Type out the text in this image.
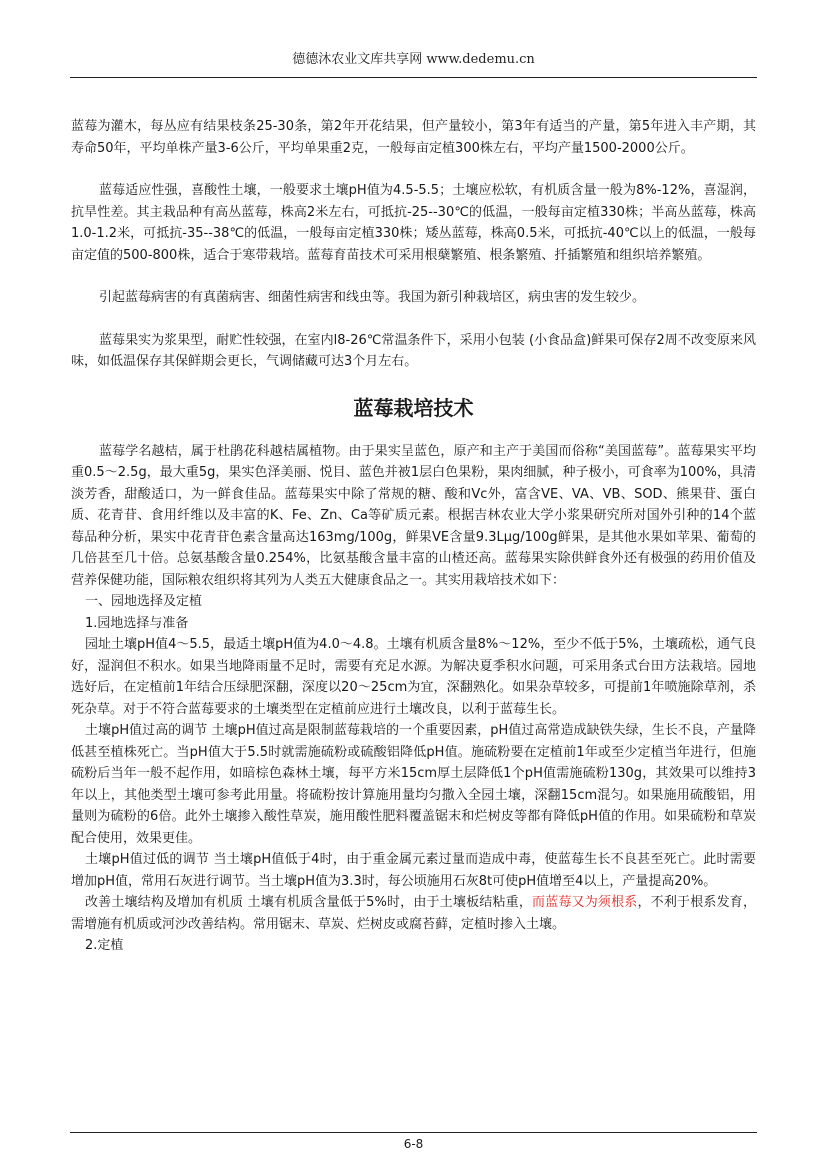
德德沐农业文库共享网 www.dedemu.cn

蓝莓为灌木，每丛应有结果枝条25-30条，第2年开花结果，但产量较小，第3年有适当的产量，第5年进入丰产期，其寿命50年，平均单株产量3-6公斤，平均单果重2克，一般每亩定植300株左右，平均产量1500-2000公斤。

蓝莓适应性强，喜酸性土壤，一般要求土壤pH值为4.5-5.5；土壤应松软，有机质含量一般为8%-12%，喜湿润，抗旱性差。其主栽品种有高丛蓝莓，株高2米左右，可抵抗-25--30℃的低温，一般每亩定植330株；半高丛蓝莓，株高1.0-1.2米，可抵抗-35--38℃的低温，一般每亩定植330株；矮丛蓝莓，株高0.5米，可抵抗-40℃以上的低温，一般每亩定值的500-800株，适合于寒带栽培。蓝莓育苗技术可采用根蘖繁殖、根条繁殖、扦插繁殖和组织培养繁殖。

引起蓝莓病害的有真菌病害、细菌性病害和线虫等。我国为新引种栽培区，病虫害的发生较少。

蓝莓果实为浆果型，耐贮性较强，在室内l8-26℃常温条件下，采用小包装 (小食品盒)鲜果可保存2周不改变原来风味，如低温保存其保鲜期会更长，气调储藏可达3个月左右。

蓝莓栽培技术

蓝莓学名越桔，属于杜鹃花科越桔属植物。由于果实呈蓝色，原产和主产于美国而俗称“美国蓝莓”。蓝莓果实平均重0.5～2.5g，最大重5g，果实色泽美丽、悦目、蓝色并被1层白色果粉，果肉细腻，种子极小，可食率为100%，具清淡芳香，甜酸适口，为一鲜食佳品。蓝莓果实中除了常规的糖、酸和Vc外，富含VE、VA、VB、SOD、熊果苷、蛋白质、花青苷、食用纤维以及丰富的K、Fe、Zn、Ca等矿质元素。根据吉林农业大学小浆果研究所对国外引种的14个蓝莓品种分析，果实中花青苷色素含量高达163mg/100g，鲜果VE含量9.3Lμg/100g鲜果，是其他水果如苹果、葡萄的几倍甚至几十倍。总氨基酸含量0.254%，比氨基酸含量丰富的山楂还高。蓝莓果实除供鲜食外还有极强的药用价值及营养保健功能，国际粮农组织将其列为人类五大健康食品之一。其实用栽培技术如下：

一、园地选择及定植

1.园地选择与准备

园址土壤pH值4～5.5，最适土壤pH值为4.0～4.8。土壤有机质含量8%～12%，至少不低于5%，土壤疏松，通气良好，湿润但不积水。如果当地降雨量不足时，需要有充足水源。为解决夏季积水问题，可采用条式台田方法栽培。园地选好后，在定植前1年结合压绿肥深翻，深度以20～25cm为宜，深翻熟化。如果杂草较多，可提前1年喷施除草剂，杀死杂草。对于不符合蓝莓要求的土壤类型在定植前应进行土壤改良，以利于蓝莓生长。

土壤pH值过高的调节 土壤pH值过高是限制蓝莓栽培的一个重要因素，pH值过高常造成缺铁失绿，生长不良，产量降低甚至植株死亡。当pH值大于5.5时就需施硫粉或硫酸铝降低pH值。施硫粉要在定植前1年或至少定植当年进行，但施硫粉后当年一般不起作用，如暗棕色森林土壤，每平方米15cm厚土层降低1个pH值需施硫粉130g，其效果可以维持3年以上，其他类型土壤可参考此用量。将硫粉按计算施用量均匀撒入全园土壤，深翻15cm混匀。如果施用硫酸铝，用量则为硫粉的6倍。此外土壤掺入酸性草炭，施用酸性肥料覆盖锯末和烂树皮等都有降低pH值的作用。如果硫粉和草炭配合使用，效果更佳。

土壤pH值过低的调节 当土壤pH值低于4时，由于重金属元素过量而造成中毒，使蓝莓生长不良甚至死亡。此时需要增加pH值，常用石灰进行调节。当土壤pH值为3.3时，每公顷施用石灰8t可使pH值增至4以上，产量提高20%。

改善土壤结构及增加有机质 土壤有机质含量低于5%时，由于土壤板结粘重，而蓝莓又为须根系，不利于根系发育，需增施有机质或河沙改善结构。常用锯末、草炭、烂树皮或腐苔藓，定植时掺入土壤。

2.定植

6-8
